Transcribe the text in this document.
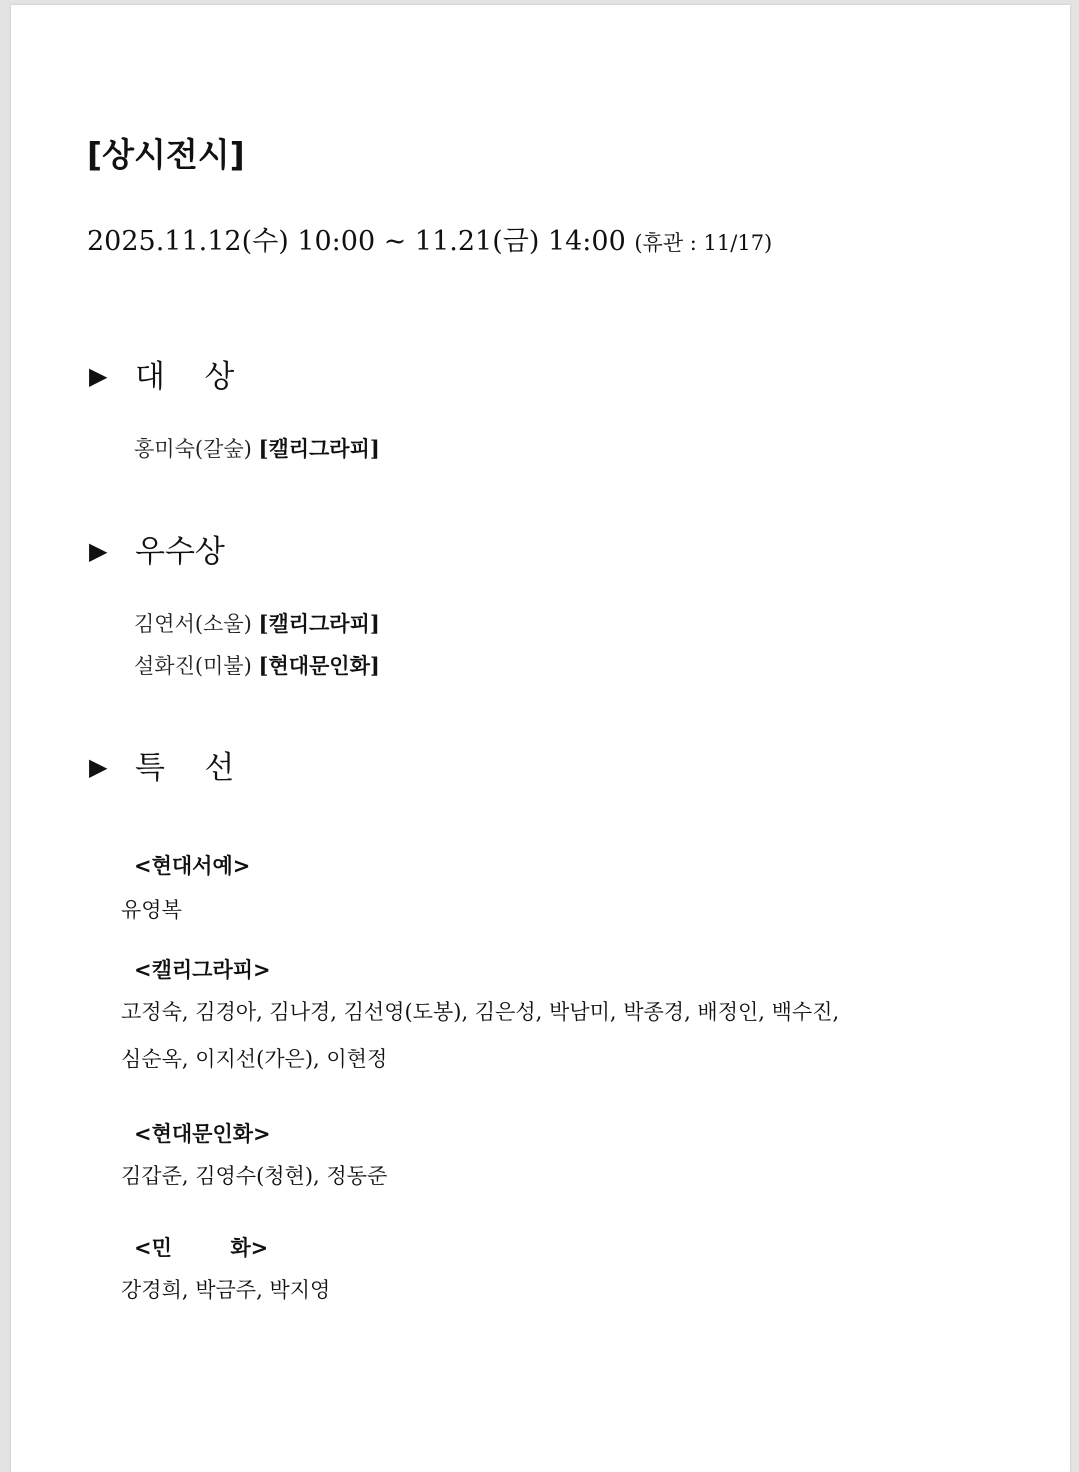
[상시전시]
2025.11.12(수) 10:00 ~ 11.21(금) 14:00 (휴관 : 11/17)
▶ 대    상
홍미숙(갈숲) [캘리그라피]
▶ 우수상
김연서(소울) [캘리그라피]
설화진(미불) [현대문인화]
▶ 특    선
<현대서예>
유영복
<캘리그라피>
고정숙, 김경아, 김나경, 김선영(도봉), 김은성, 박남미, 박종경, 배정인, 백수진,
심순옥, 이지선(가은), 이현정
<현대문인화>
김갑준, 김영수(청현), 정동준
<민        화>
강경희, 박금주, 박지영
